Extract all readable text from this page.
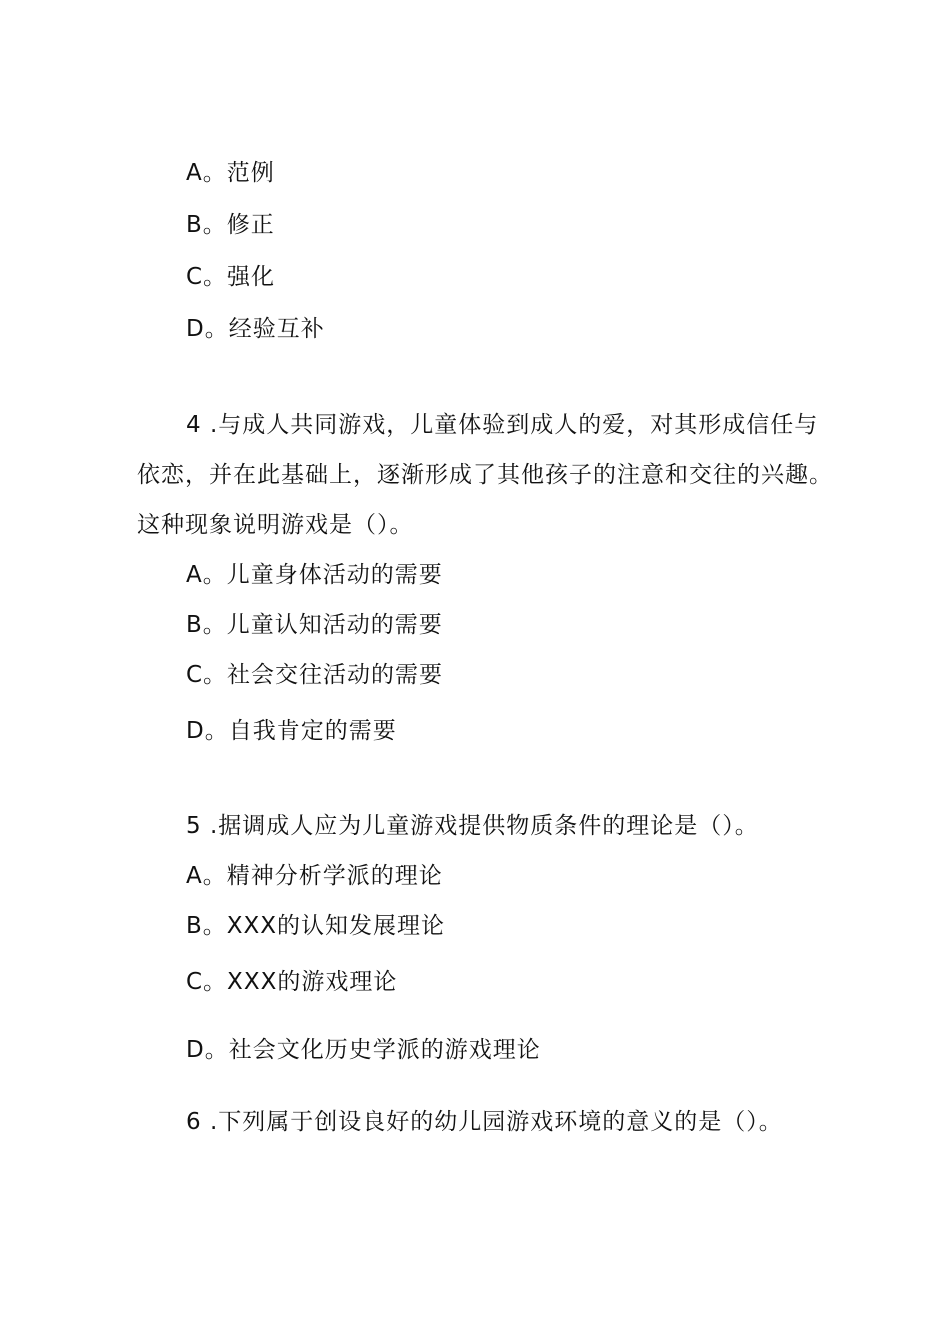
A。范例
B。修正
C。强化
D。经验互补
4 .与成人共同游戏，儿童体验到成人的爱，对其形成信任与
依恋，并在此基础上，逐渐形成了其他孩子的注意和交往的兴趣。
这种现象说明游戏是（）。
A。儿童身体活动的需要
B。儿童认知活动的需要
C。社会交往活动的需要
D。自我肯定的需要
5 .据调成人应为儿童游戏提供物质条件的理论是（）。
A。精神分析学派的理论
B。XXX的认知发展理论
C。XXX的游戏理论
D。社会文化历史学派的游戏理论
6 .下列属于创设良好的幼儿园游戏环境的意义的是（）。
